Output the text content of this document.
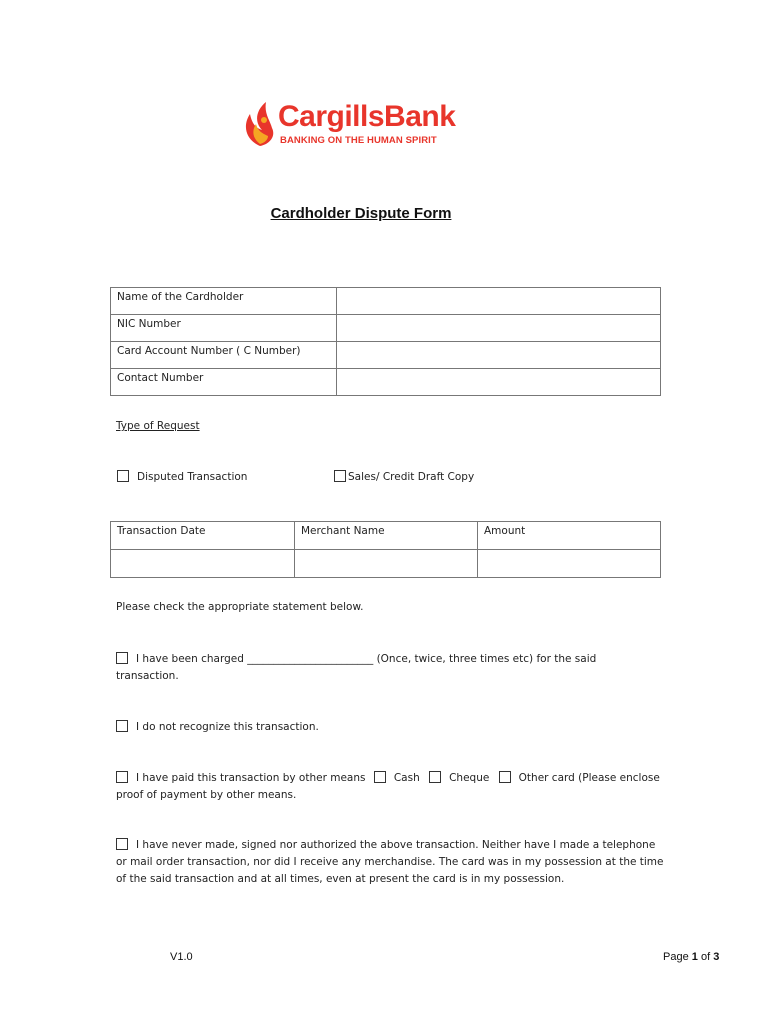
CargillsBank
BANKING ON THE HUMAN SPIRIT
Cardholder Dispute Form
Name of the Cardholder	
NIC Number	
Card Account Number ( C Number)	
Contact Number	
Type of Request
Disputed Transaction	Sales/ Credit Draft Copy
Transaction Date	Merchant Name	Amount

Please check the appropriate statement below.
I have been charged ________________________ (Once, twice, three times etc) for the said
transaction.
I do not recognize this transaction.
I have paid this transaction by other means	Cash	Cheque	Other card (Please enclose
proof of payment by other means.
I have never made, signed nor authorized the above transaction. Neither have I made a telephone
or mail order transaction, nor did I receive any merchandise. The card was in my possession at the time
of the said transaction and at all times, even at present the card is in my possession.
V1.0	Page 1 of 3
